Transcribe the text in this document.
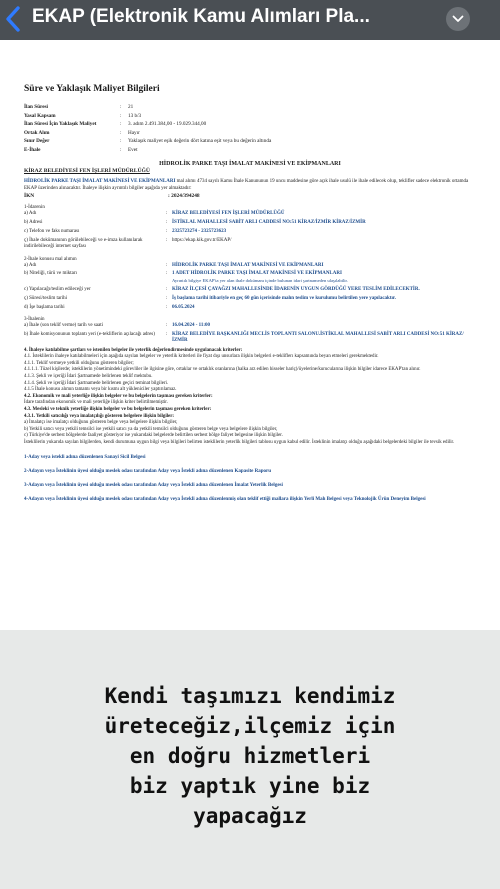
EKAP (Elektronik Kamu Alımları Pla...
Süre ve Yaklaşık Maliyet Bilgileri
İlan Süresi	:	21
Yasal Kapsam	:	13 b/3
İlan Süresi İçin Yaklaşık Maliyet	:	3. adım 2.491.384,00 - 19.029.344,00
Ortak Alım	:	Hayır
Sınır Değer	:	Yaklaşık maliyet eşik değerin dört katına eşit veya bu değerin altında
E-İhale	:	Evet
HİDROLİK PARKE TAŞI İMALAT MAKİNESİ VE EKİPMANLARI
KİRAZ BELEDİYESİ FEN İŞLERİ MÜDÜRLÜĞÜ
HİDROLİK PARKE TAŞI İMALAT MAKİNESİ VE EKİPMANLARI mal alımı 4734 sayılı Kamu İhale Kanununun 19 uncu maddesine göre açık ihale usulü ile ihale edilecek olup, teklifler sadece elektronik ortamda EKAP üzerinden alınacaktır. İhaleye ilişkin ayrıntılı bilgiler aşağıda yer almaktadır:
İKN	: 2024/394248
1-İdarenin
a) Adı	: KİRAZ BELEDİYESİ FEN İŞLERİ MÜDÜRLÜĞÜ
b) Adresi	: İSTİKLAL MAHALLESİ SABİT ARLI CADDESİ NO:51 KİRAZ/İZMİR KİRAZ/İZMİR
c) Telefon ve faks numarası	: 2325723274 - 2325723623
ç) İhale dokümanının görülebileceği ve e-imza kullanılarak indirilebileceği internet sayfası
: https://ekap.kik.gov.tr/EKAP/
2-İhale konusu mal alımın
a) Adı	: HİDROLİK PARKE TAŞI İMALAT MAKİNESİ VE EKİPMANLARI
b) Niteliği, türü ve miktarı	: 1 ADET HİDROLİK PARKE TAŞI İMALAT MAKİNESİ VE EKİPMANLARI
Ayrıntılı bilgiye EKAP'ta yer alan ihale dokümanı içinde bulunan idari şartnameden ulaşılabilir.
c) Yapılacağı/teslim edileceği yer	: KİRAZ İLÇESİ ÇAYAĞZI MAHALLESİNDE İDARENİN UYGUN GÖRDÜĞÜ YERE TESLİM EDİLECEKTİR.
ç) Süresi/teslim tarihi	: İş başlama tarihi itibariyle en geç 60 gün içerisinde malın teslim ve kurulumu belirtilen yere yapılacaktır.
d) İşe başlama tarihi	: 06.05.2024
3-İhalenin
a) İhale (son teklif verme) tarih ve saati	: 16.04.2024 - 11:00
b) İhale komisyonunun toplantı yeri (e-tekliflerin açılacağı adres)	: KİRAZ BELEDİYE BAŞKANLIĞI MECLİS TOPLANTI SALONU.İSTİKLAL MAHALLESİ SABİT ARLI CADDESİ NO:51 KİRAZ/İZMİR
4. İhaleye katılabilme şartları ve istenilen belgeler ile yeterlik değerlendirmesinde uygulanacak kriterler:
4.1. İsteklilerin ihaleye katılabilmeleri için aşağıda sayılan belgeler ve yeterlik kriterleri ile fiyat dışı unsurlara ilişkin belgeleri e-tekliflerı kapsamında beyan etmeleri gerekmektedir.
4.1.1. Teklif vermeye yetkili olduğunu gösteren bilgiler;
4.1.1.1. Tüzel kişilerde; isteklilerin yönetimindeki görevliler ile ilgisine göre, ortaklar ve ortaklık oranlarına (halka arz edilen hisseler hariç)/üyelerine/kurucularına ilişkin bilgiler idarece EKAP'tan alınır.
4.1.3. Şekli ve içeriği İdari Şartnamede belirlenen teklif mektubu.
4.1.4. Şekli ve içeriği İdari Şartnamede belirlenen geçici teminat bilgileri.
4.1.5 İhale konusu alımın tamamı veya bir kısmı alt yükleniciler yaptırılamaz.
4.2. Ekonomik ve mali yeterliğe ilişkin belgeler ve bu belgelerin taşıması gereken kriterler:
İdare tarafından ekonomik ve mali yeterliğe ilişkin kriter belirtilmemiştir.
4.3. Mesleki ve teknik yeterliğe ilişkin belgeler ve bu belgelerin taşıması gereken kriterler:
4.3.1. Yetkili satıcılığı veya imalatçılığı gösteren belgelere ilişkin bilgiler:
a) İmalatçı ise imalatçı olduğunu gösteren belge veya belgelere ilişkin bilgiler,
b) Yetkili satıcı veya yetkili temsilci ise yetkili satıcı ya da yetkili temsilci olduğunu gösteren belge veya belgelere ilişkin bilgiler,
c) Türkiye'de serbest bölgelerde faaliyet gösteriyor ise yukarıdaki belgelerde belirtilen serbest bölge faliyet belgesine ilişkin bilgiler.
İsteklilerin yukarıda sayılan bilgilerden, kendi durumuna uygun bilgi veya bilgileri belirten isteklilerin yeterlik bilgileri tablosu uygun kabul edilir. İsteklinin imalatçı olduğu aşağıdaki belgelerdeki bilgiler ile tevsik edilir.
1-Aday veya istekli adına düzenlenen Sanayi Sicil Belgesi
2-Adayın veya İsteklinin üyesi olduğu meslek odası tarafından Aday veya İstekli adına düzenlenen Kapasite Raporu
3-Adayın veya İsteklinin üyesi olduğu meslek odası tarafından Aday veya İstekli adına düzenlenen İmalat Yeterlik Belgesi
4-Adayın veya İsteklinin üyesi olduğu meslek odası tarafından Aday veya İstekli adına düzenlenmiş olan teklif ettiği mallara ilişkin Yerli Malı Belgesi veya Teknolojik Ürün Deneyim Belgesi
Kendi taşımızı kendimiz
üreteceğiz,ilçemiz için
en doğru hizmetleri
biz yaptık yine biz
yapacağız
